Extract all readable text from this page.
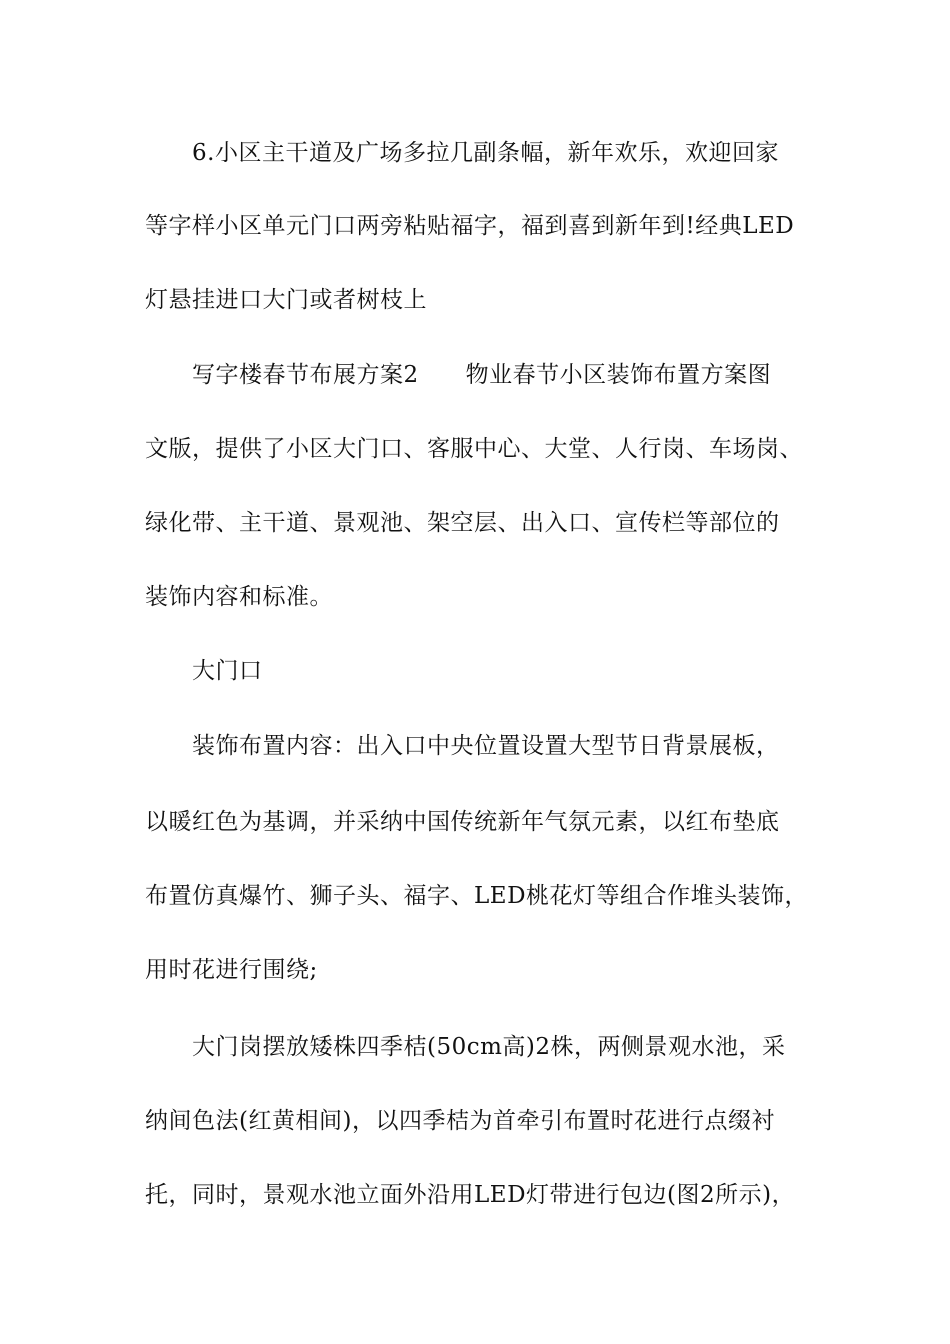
6.小区主干道及广场多拉几副条幅，新年欢乐，欢迎回家
等字样小区单元门口两旁粘贴福字，福到喜到新年到!经典LED
灯悬挂进口大门或者树枝上
写字楼春节布展方案2　　物业春节小区装饰布置方案图
文版，提供了小区大门口、客服中心、大堂、人行岗、车场岗、
绿化带、主干道、景观池、架空层、出入口、宣传栏等部位的
装饰内容和标准。
大门口
装饰布置内容：出入口中央位置设置大型节日背景展板，
以暖红色为基调，并采纳中国传统新年气氛元素，以红布垫底
布置仿真爆竹、狮子头、福字、LED桃花灯等组合作堆头装饰，
用时花进行围绕;
大门岗摆放矮株四季桔(50cm高)2株，两侧景观水池，采
纳间色法(红黄相间)，以四季桔为首牵引布置时花进行点缀衬
托，同时，景观水池立面外沿用LED灯带进行包边(图2所示)，
